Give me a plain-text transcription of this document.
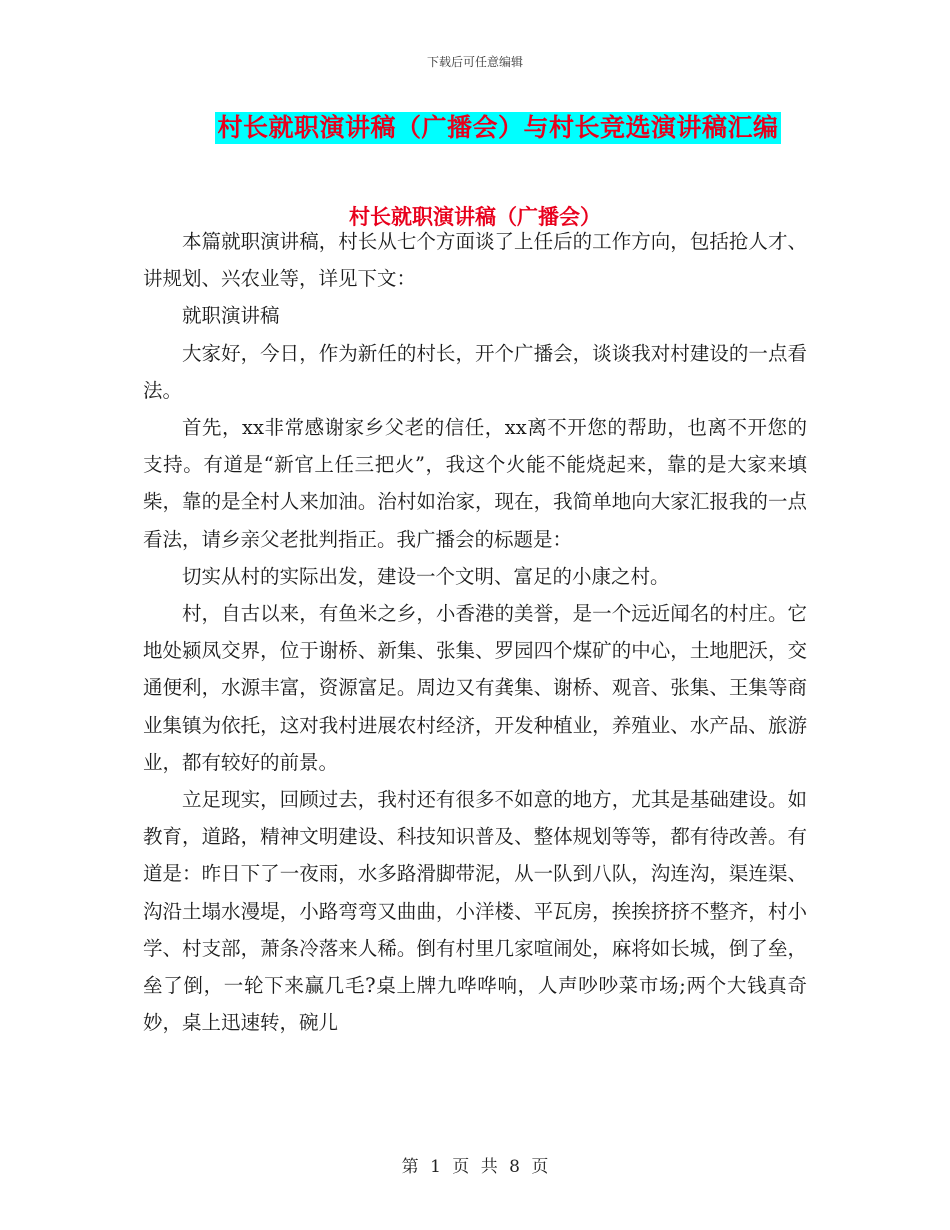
下载后可任意编辑
村长就职演讲稿（广播会）与村长竞选演讲稿汇编
村长就职演讲稿（广播会）

本篇就职演讲稿，村长从七个方面谈了上任后的工作方向，包括抢人才、讲规划、兴农业等，详见下文：

就职演讲稿

大家好，今日，作为新任的村长，开个广播会，谈谈我对村建设的一点看法。

首先，xx非常感谢家乡父老的信任，xx离不开您的帮助，也离不开您的支持。有道是“新官上任三把火”，我这个火能不能烧起来，靠的是大家来填柴，靠的是全村人来加油。治村如治家，现在，我简单地向大家汇报我的一点看法，请乡亲父老批判指正。我广播会的标题是：

切实从村的实际出发，建设一个文明、富足的小康之村。

村，自古以来，有鱼米之乡，小香港的美誉，是一个远近闻名的村庄。它地处颍凤交界，位于谢桥、新集、张集、罗园四个煤矿的中心，土地肥沃，交通便利，水源丰富，资源富足。周边又有龚集、谢桥、观音、张集、王集等商业集镇为依托，这对我村进展农村经济，开发种植业，养殖业、水产品、旅游业，都有较好的前景。

立足现实，回顾过去，我村还有很多不如意的地方，尤其是基础建设。如教育，道路，精神文明建设、科技知识普及、整体规划等等，都有待改善。有道是：昨日下了一夜雨，水多路滑脚带泥，从一队到八队，沟连沟，渠连渠、沟沿土塌水漫堤，小路弯弯又曲曲，小洋楼、平瓦房，挨挨挤挤不整齐，村小学、村支部，萧条冷落来人稀。倒有村里几家喧闹处，麻将如长城，倒了垒，垒了倒，一轮下来赢几毛?桌上牌九哗哗响，人声吵吵菜市场;两个大钱真奇妙，桌上迅速转，碗儿

第 1 页 共 8 页
